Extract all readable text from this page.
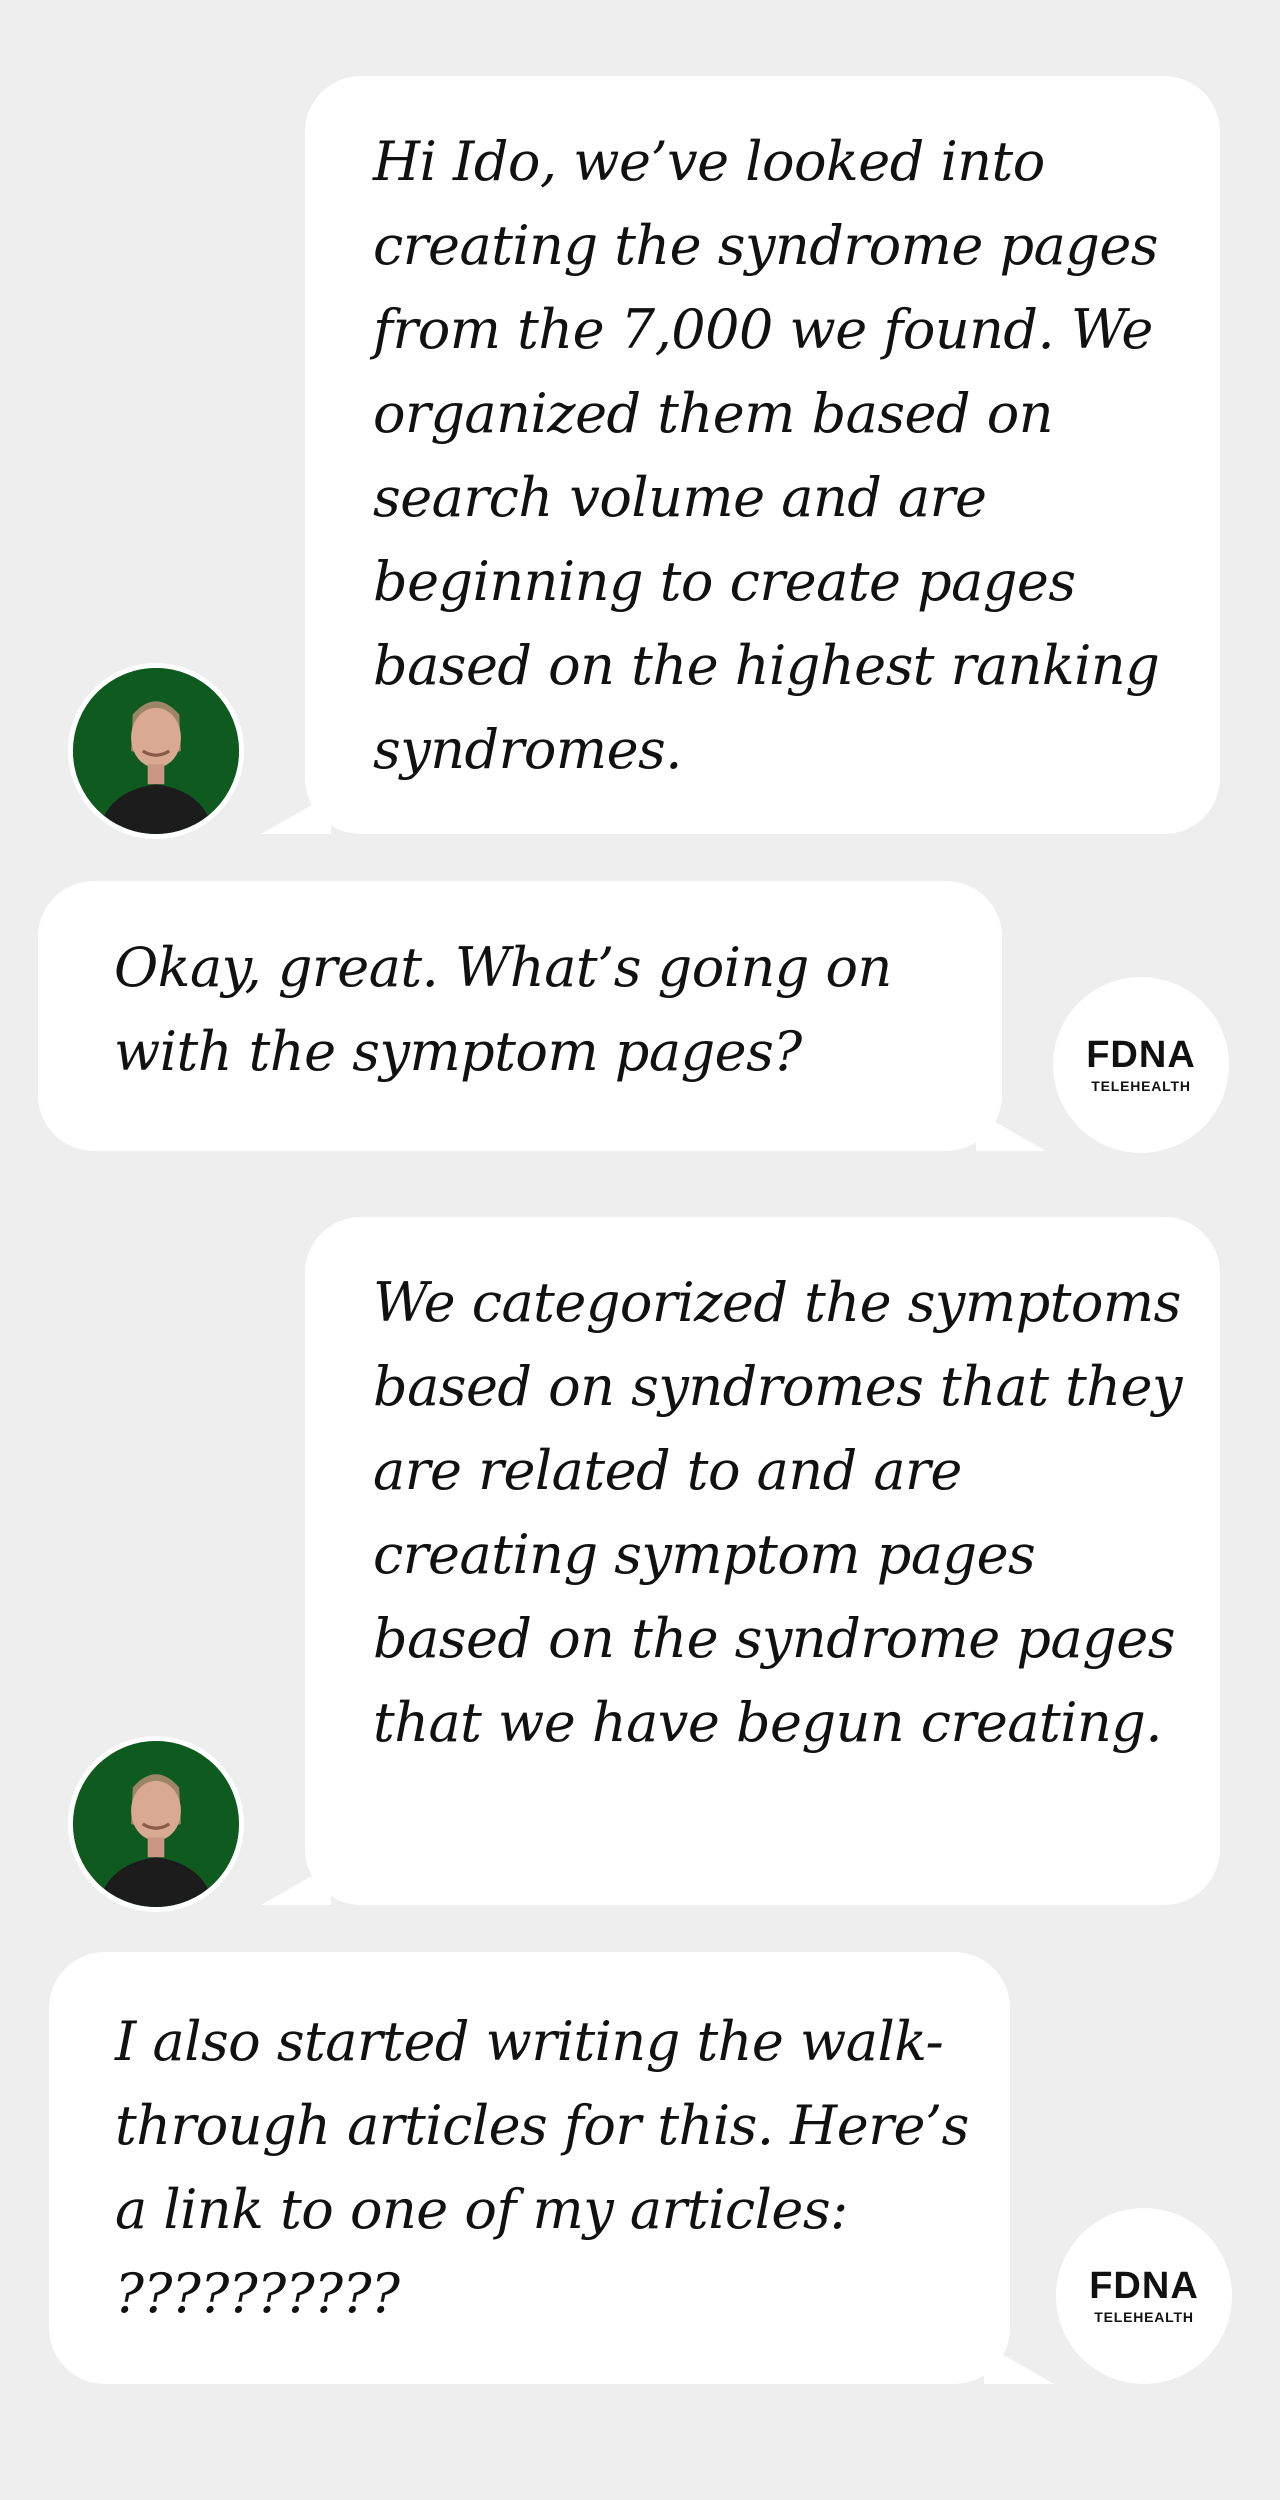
Hi Ido, we’ve looked into creating the syndrome pages from the 7,000 we found. We organized them based on search volume and are beginning to create pages based on the highest ranking syndromes.

Okay, great. What’s going on with the symptom pages?	FDNA
TELEHEALTH

We categorized the symptoms based on syndromes that they are related to and are creating symptom pages based on the syndrome pages that we have begun creating.

I also started writing the walk-through articles for this. Here’s a link to one of my articles: ??????????	FDNA
TELEHEALTH
